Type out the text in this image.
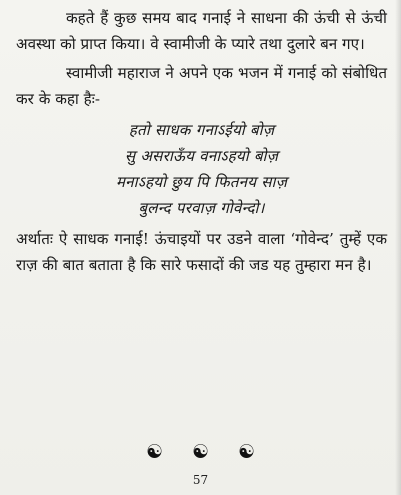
कहते हैं कुछ समय बाद गनाई ने साधना की ऊंची से ऊंची अवस्था को प्राप्त किया। वे स्वामीजी के प्यारे तथा दुलारे बन गए।

स्वामीजी महाराज ने अपने एक भजन में गनाई को संबोधित कर के कहा हैः-

हतो साधक गनाऽईयो बोज़
सु असराऊँय वनाऽहयो बोज़
मनाऽहयो छुय पि फितनय साज़
बुलन्द परवाज़ गोवेन्दो।

अर्थातः ऐ साधक गनाई! ऊंचाइयों पर उडने वाला ‘गोवेन्द’ तुम्हें एक राज़ की बात बताता है कि सारे फसादों की जड यह तुम्हारा मन है।

☯ ☯ ☯
57
